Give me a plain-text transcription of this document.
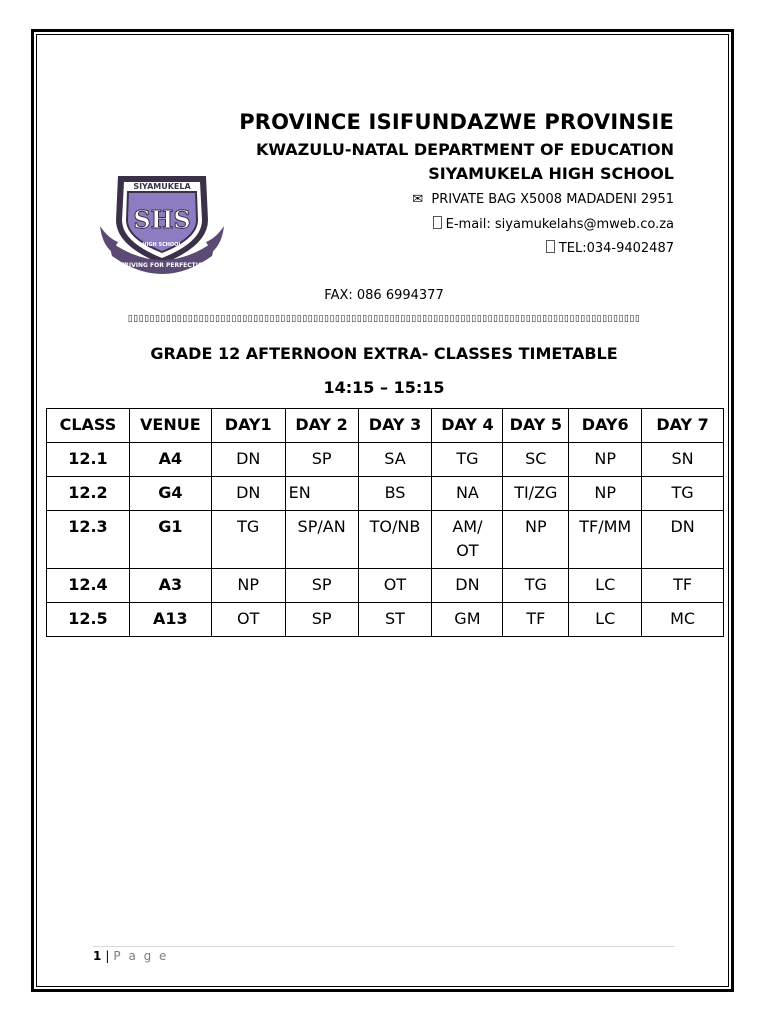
PROVINCE ISIFUNDAZWE PROVINSIE
KWAZULU-NATAL DEPARTMENT OF EDUCATION
SIYAMUKELA HIGH SCHOOL
✉ PRIVATE BAG X5008 MADADENI 2951
E-mail: siyamukelahs@mweb.co.za
TEL:034-9402487
SIYAMUKELA
SHS
HIGH SCHOOL
STRIVING FOR PERFECTION
FAX: 086 6994377
▯▯▯▯▯▯▯▯▯▯▯▯▯▯▯▯▯▯▯▯▯▯▯▯▯▯▯▯▯▯▯▯▯▯▯▯▯▯▯▯▯▯▯▯▯▯▯▯▯▯▯▯▯▯▯▯▯▯▯▯▯▯▯▯▯▯▯▯▯▯▯▯▯▯▯▯▯▯▯▯▯▯▯▯▯▯▯▯▯▯▯▯▯▯
GRADE 12 AFTERNOON EXTRA- CLASSES TIMETABLE
14:15 – 15:15
CLASS	VENUE	DAY1	DAY 2	DAY 3	DAY 4	DAY 5	DAY6	DAY 7
12.1	A4	DN	SP	SA	TG	SC	NP	SN
12.2	G4	DN	EN	BS	NA	TI/ZG	NP	TG
12.3	G1	TG	SP/AN	TO/NB	AM/ OT	NP	TF/MM	DN
12.4	A3	NP	SP	OT	DN	TG	LC	TF
12.5	A13	OT	SP	ST	GM	TF	LC	MC
1 | P a g e
